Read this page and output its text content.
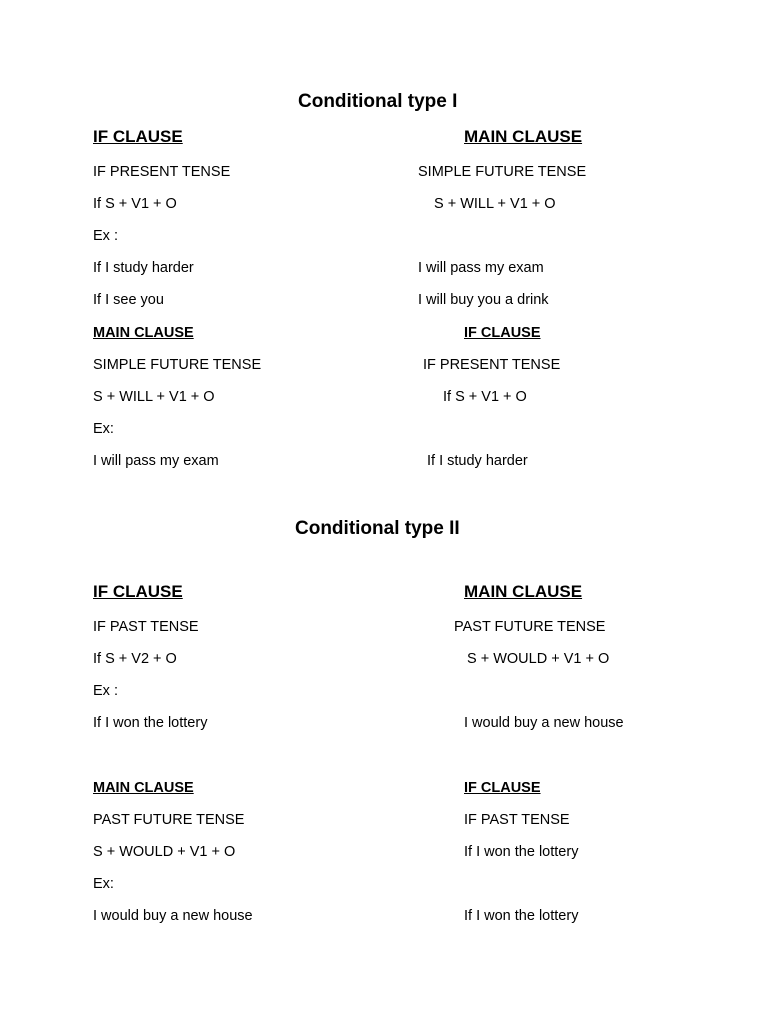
Conditional type I
IF CLAUSE	MAIN CLAUSE
IF PRESENT TENSE	SIMPLE FUTURE TENSE
If S + V1 + O	S + WILL + V1 + O
Ex :
If I study harder	I will pass my exam
If I see you	I will buy you a drink
MAIN CLAUSE	IF CLAUSE
SIMPLE FUTURE TENSE	IF PRESENT TENSE
S + WILL + V1 + O	If S + V1 + O
Ex:
I will pass my exam	If I study harder
Conditional type II
IF CLAUSE	MAIN CLAUSE
IF PAST TENSE	PAST FUTURE TENSE
If S + V2 + O	S + WOULD + V1 + O
Ex :
If I won the lottery	I would buy a new house
MAIN CLAUSE	IF CLAUSE
PAST FUTURE TENSE	IF PAST TENSE
S + WOULD + V1 + O	If I won the lottery
Ex:
I would buy a new house	If I won the lottery
